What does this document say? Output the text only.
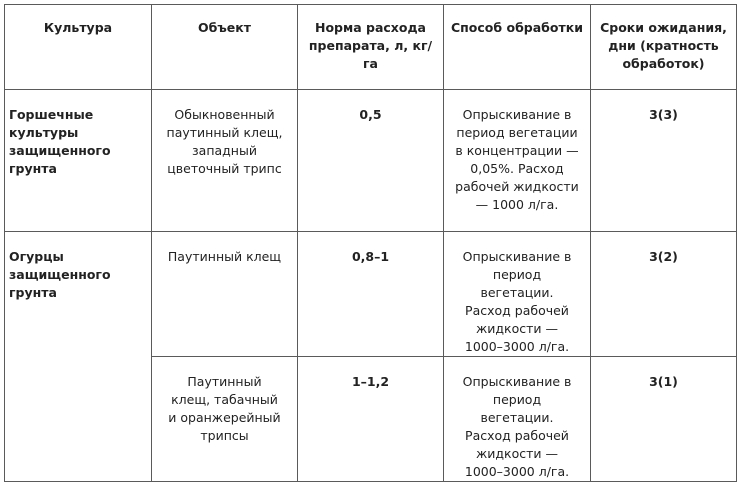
Культура	Объект	Норма расхода препарата, л, кг/га	Способ обработки	Сроки ожидания, дни (кратность обработок)
Горшечные культуры защищенного грунта	Обыкновенный паутинный клещ, западный цветочный трипс	0,5	Опрыскивание в период вегетации в концентрации — 0,05%. Расход рабочей жидкости — 1000 л/га.	3(3)
Огурцы защищенного грунта	Паутинный клещ	0,8–1	Опрыскивание в период вегетации. Расход рабочей жидкости — 1000–3000 л/га.	3(2)
	Паутинный клещ, табачный и оранжерейный трипсы	1–1,2	Опрыскивание в период вегетации. Расход рабочей жидкости — 1000–3000 л/га.	3(1)
